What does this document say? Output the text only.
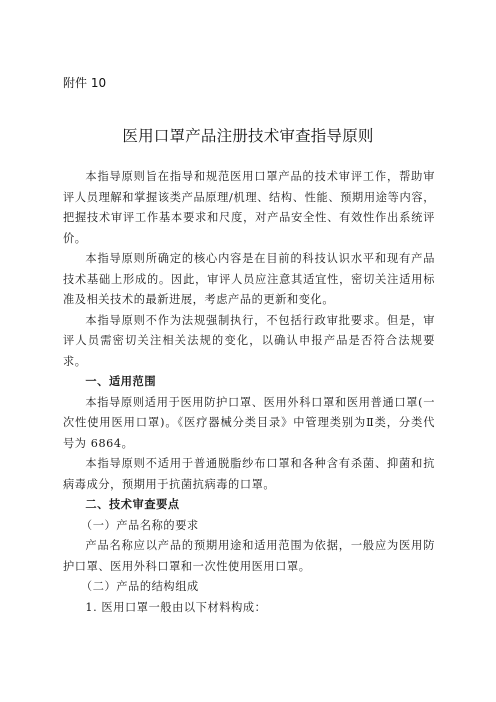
附件 10
医用口罩产品注册技术审查指导原则

本指导原则旨在指导和规范医用口罩产品的技术审评工作，帮助审评人员理解和掌握该类产品原理/机理、结构、性能、预期用途等内容，把握技术审评工作基本要求和尺度，对产品安全性、有效性作出系统评价。

本指导原则所确定的核心内容是在目前的科技认识水平和现有产品技术基础上形成的。因此，审评人员应注意其适宜性，密切关注适用标准及相关技术的最新进展，考虑产品的更新和变化。

本指导原则不作为法规强制执行，不包括行政审批要求。但是，审评人员需密切关注相关法规的变化，以确认申报产品是否符合法规要求。

一、适用范围

本指导原则适用于医用防护口罩、医用外科口罩和医用普通口罩(一次性使用医用口罩)。《医疗器械分类目录》中管理类别为Ⅱ类，分类代号为 6864。

本指导原则不适用于普通脱脂纱布口罩和各种含有杀菌、抑菌和抗病毒成分，预期用于抗菌抗病毒的口罩。

二、技术审查要点

（一）产品名称的要求

产品名称应以产品的预期用途和适用范围为依据，一般应为医用防护口罩、医用外科口罩和一次性使用医用口罩。

（二）产品的结构组成

1. 医用口罩一般由以下材料构成：
